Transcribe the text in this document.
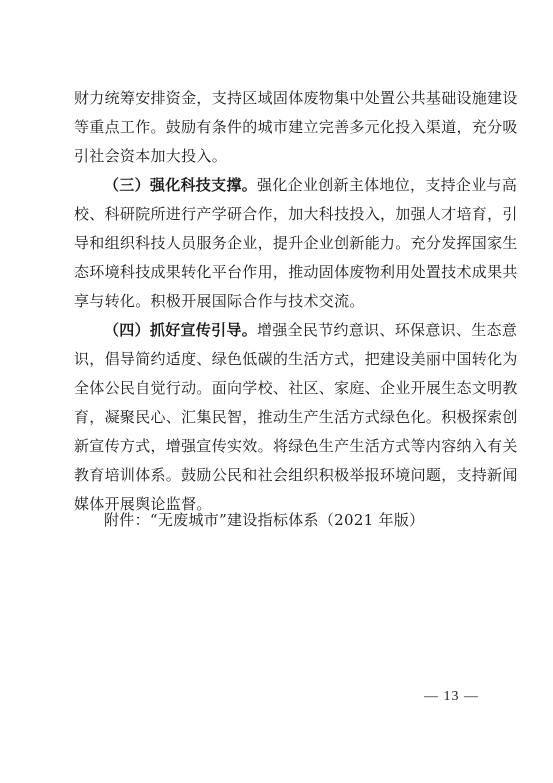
财力统筹安排资金，支持区域固体废物集中处置公共基础设施建设
等重点工作。鼓励有条件的城市建立完善多元化投入渠道，充分吸
引社会资本加大投入。
（三）强化科技支撑。强化企业创新主体地位，支持企业与高
校、科研院所进行产学研合作，加大科技投入，加强人才培育，引
导和组织科技人员服务企业，提升企业创新能力。充分发挥国家生
态环境科技成果转化平台作用，推动固体废物利用处置技术成果共
享与转化。积极开展国际合作与技术交流。
（四）抓好宣传引导。增强全民节约意识、环保意识、生态意
识，倡导简约适度、绿色低碳的生活方式，把建设美丽中国转化为
全体公民自觉行动。面向学校、社区、家庭、企业开展生态文明教
育，凝聚民心、汇集民智，推动生产生活方式绿色化。积极探索创
新宣传方式，增强宣传实效。将绿色生产生活方式等内容纳入有关
教育培训体系。鼓励公民和社会组织积极举报环境问题，支持新闻
媒体开展舆论监督。
附件：“无废城市”建设指标体系（2021 年版）
— 13 —
